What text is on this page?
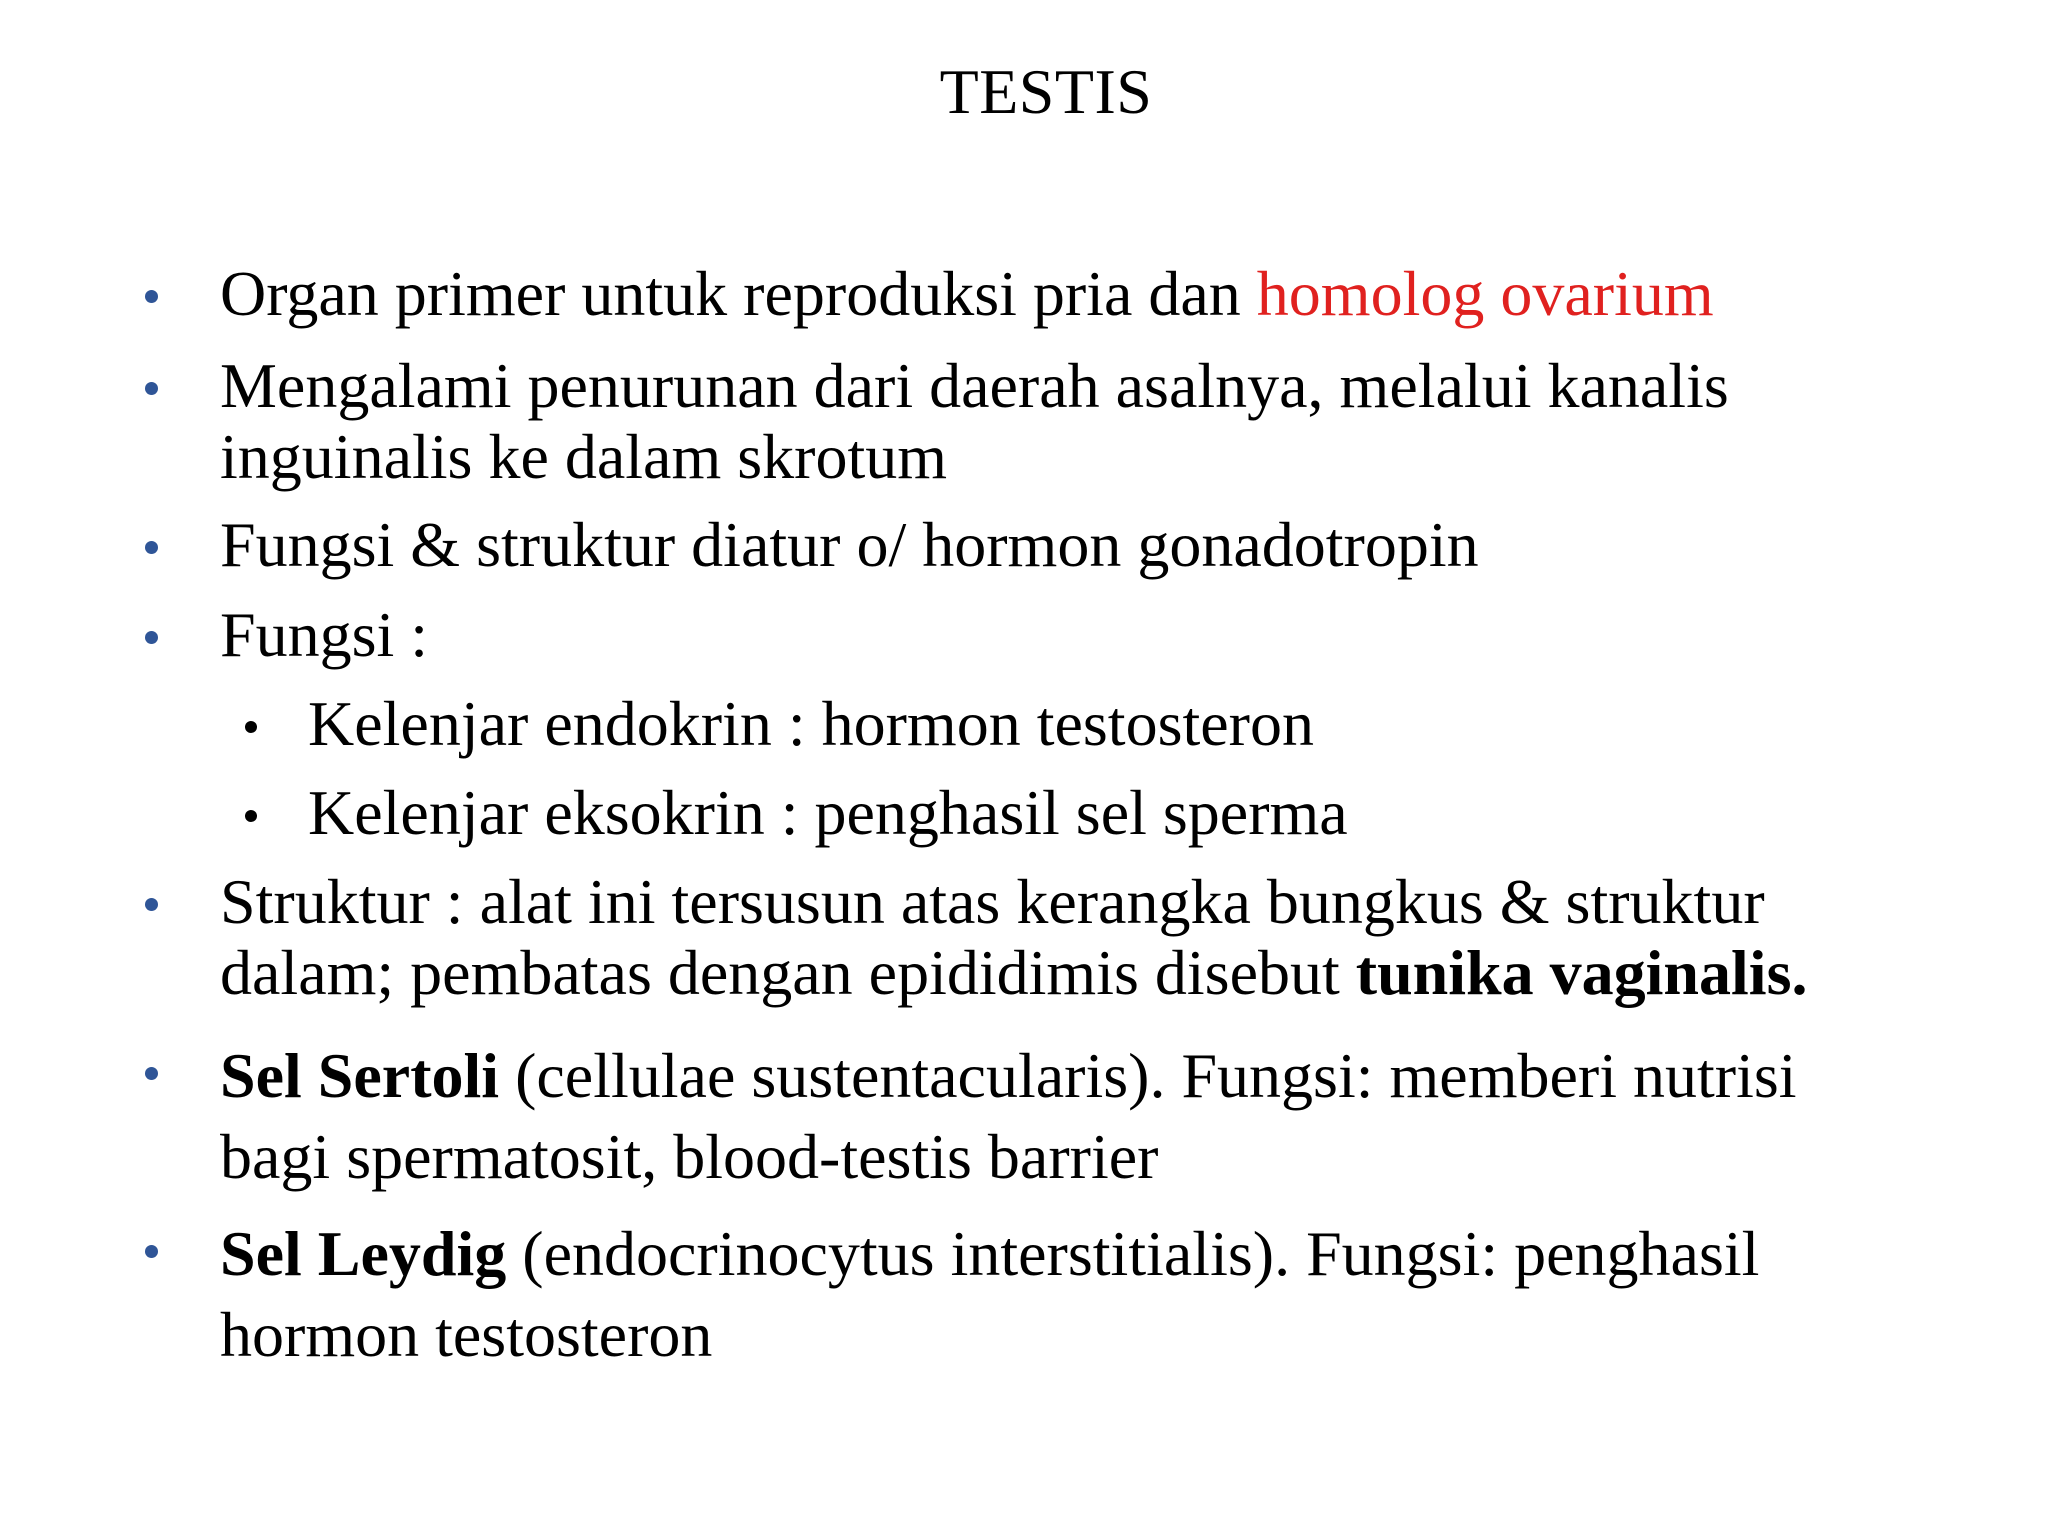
TESTIS
Organ primer untuk reproduksi pria dan homolog ovarium
Mengalami penurunan dari daerah asalnya, melalui kanalis
inguinalis ke dalam skrotum
Fungsi & struktur diatur o/ hormon gonadotropin
Fungsi :
Kelenjar endokrin : hormon testosteron
Kelenjar eksokrin : penghasil sel sperma
Struktur : alat ini tersusun atas kerangka bungkus & struktur
dalam; pembatas dengan epididimis disebut tunika vaginalis.
Sel Sertoli (cellulae sustentacularis). Fungsi: memberi nutrisi
bagi spermatosit, blood-testis barrier
Sel Leydig (endocrinocytus interstitialis). Fungsi: penghasil
hormon testosteron
